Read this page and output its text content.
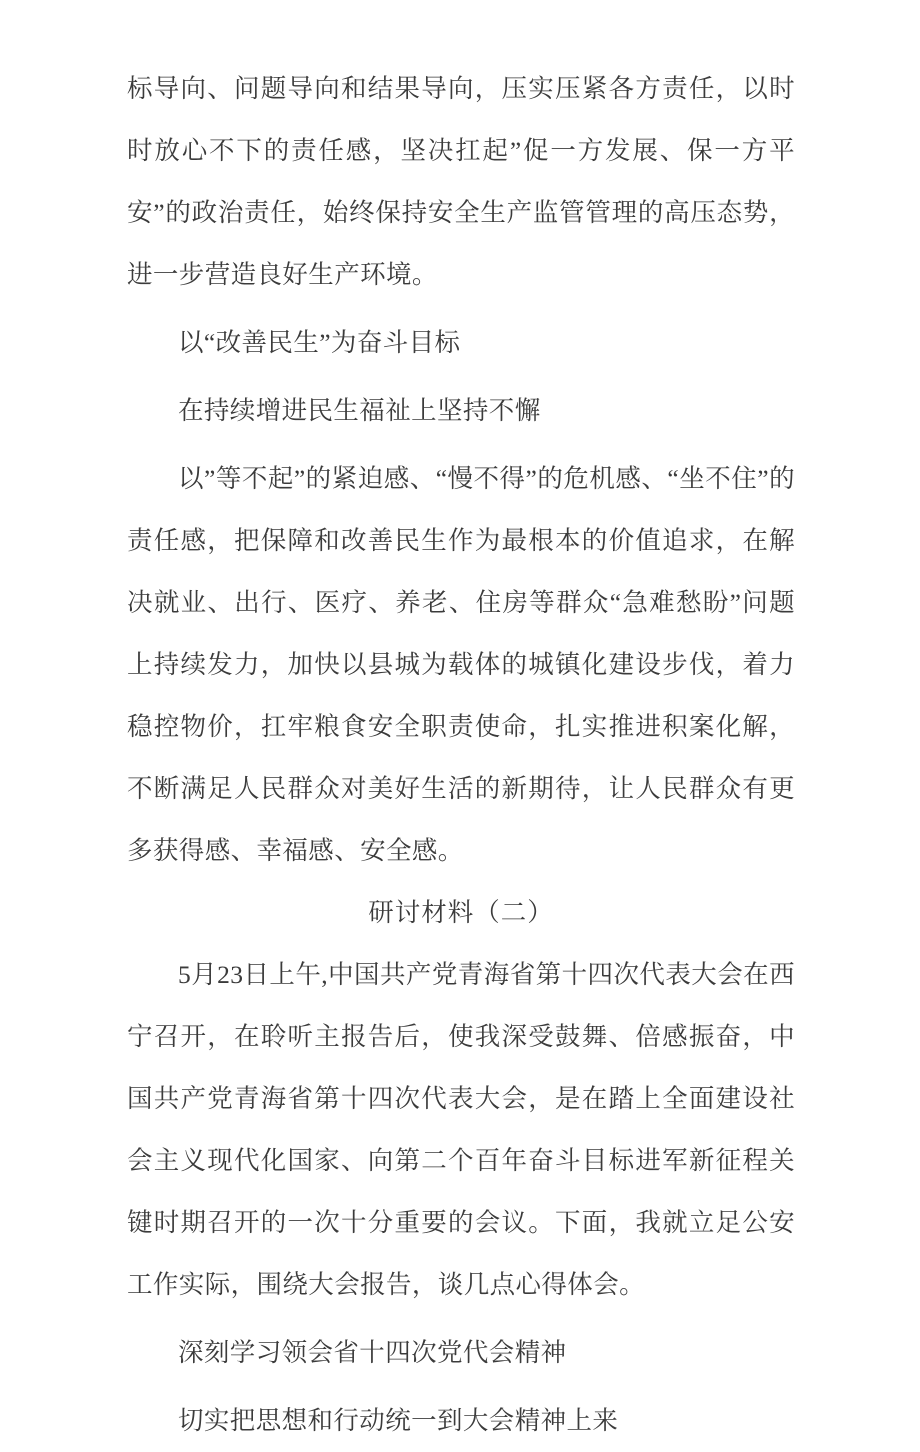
标导向、问题导向和结果导向，压实压紧各方责任，以时时放心不下的责任感，坚决扛起”促一方发展、保一方平安”的政治责任，始终保持安全生产监管管理的高压态势，进一步营造良好生产环境。

以“改善民生”为奋斗目标
在持续增进民生福祉上坚持不懈

以”等不起”的紧迫感、“慢不得”的危机感、“坐不住”的责任感，把保障和改善民生作为最根本的价值追求，在解决就业、出行、医疗、养老、住房等群众“急难愁盼”问题上持续发力，加快以县城为载体的城镇化建设步伐，着力稳控物价，扛牢粮食安全职责使命，扎实推进积案化解，不断满足人民群众对美好生活的新期待，让人民群众有更多获得感、幸福感、安全感。

研讨材料（二）

5月23日上午,中国共产党青海省第十四次代表大会在西宁召开，在聆听主报告后，使我深受鼓舞、倍感振奋，中国共产党青海省第十四次代表大会，是在踏上全面建设社会主义现代化国家、向第二个百年奋斗目标进军新征程关键时期召开的一次十分重要的会议。下面，我就立足公安工作实际，围绕大会报告，谈几点心得体会。

深刻学习领会省十四次党代会精神
切实把思想和行动统一到大会精神上来
